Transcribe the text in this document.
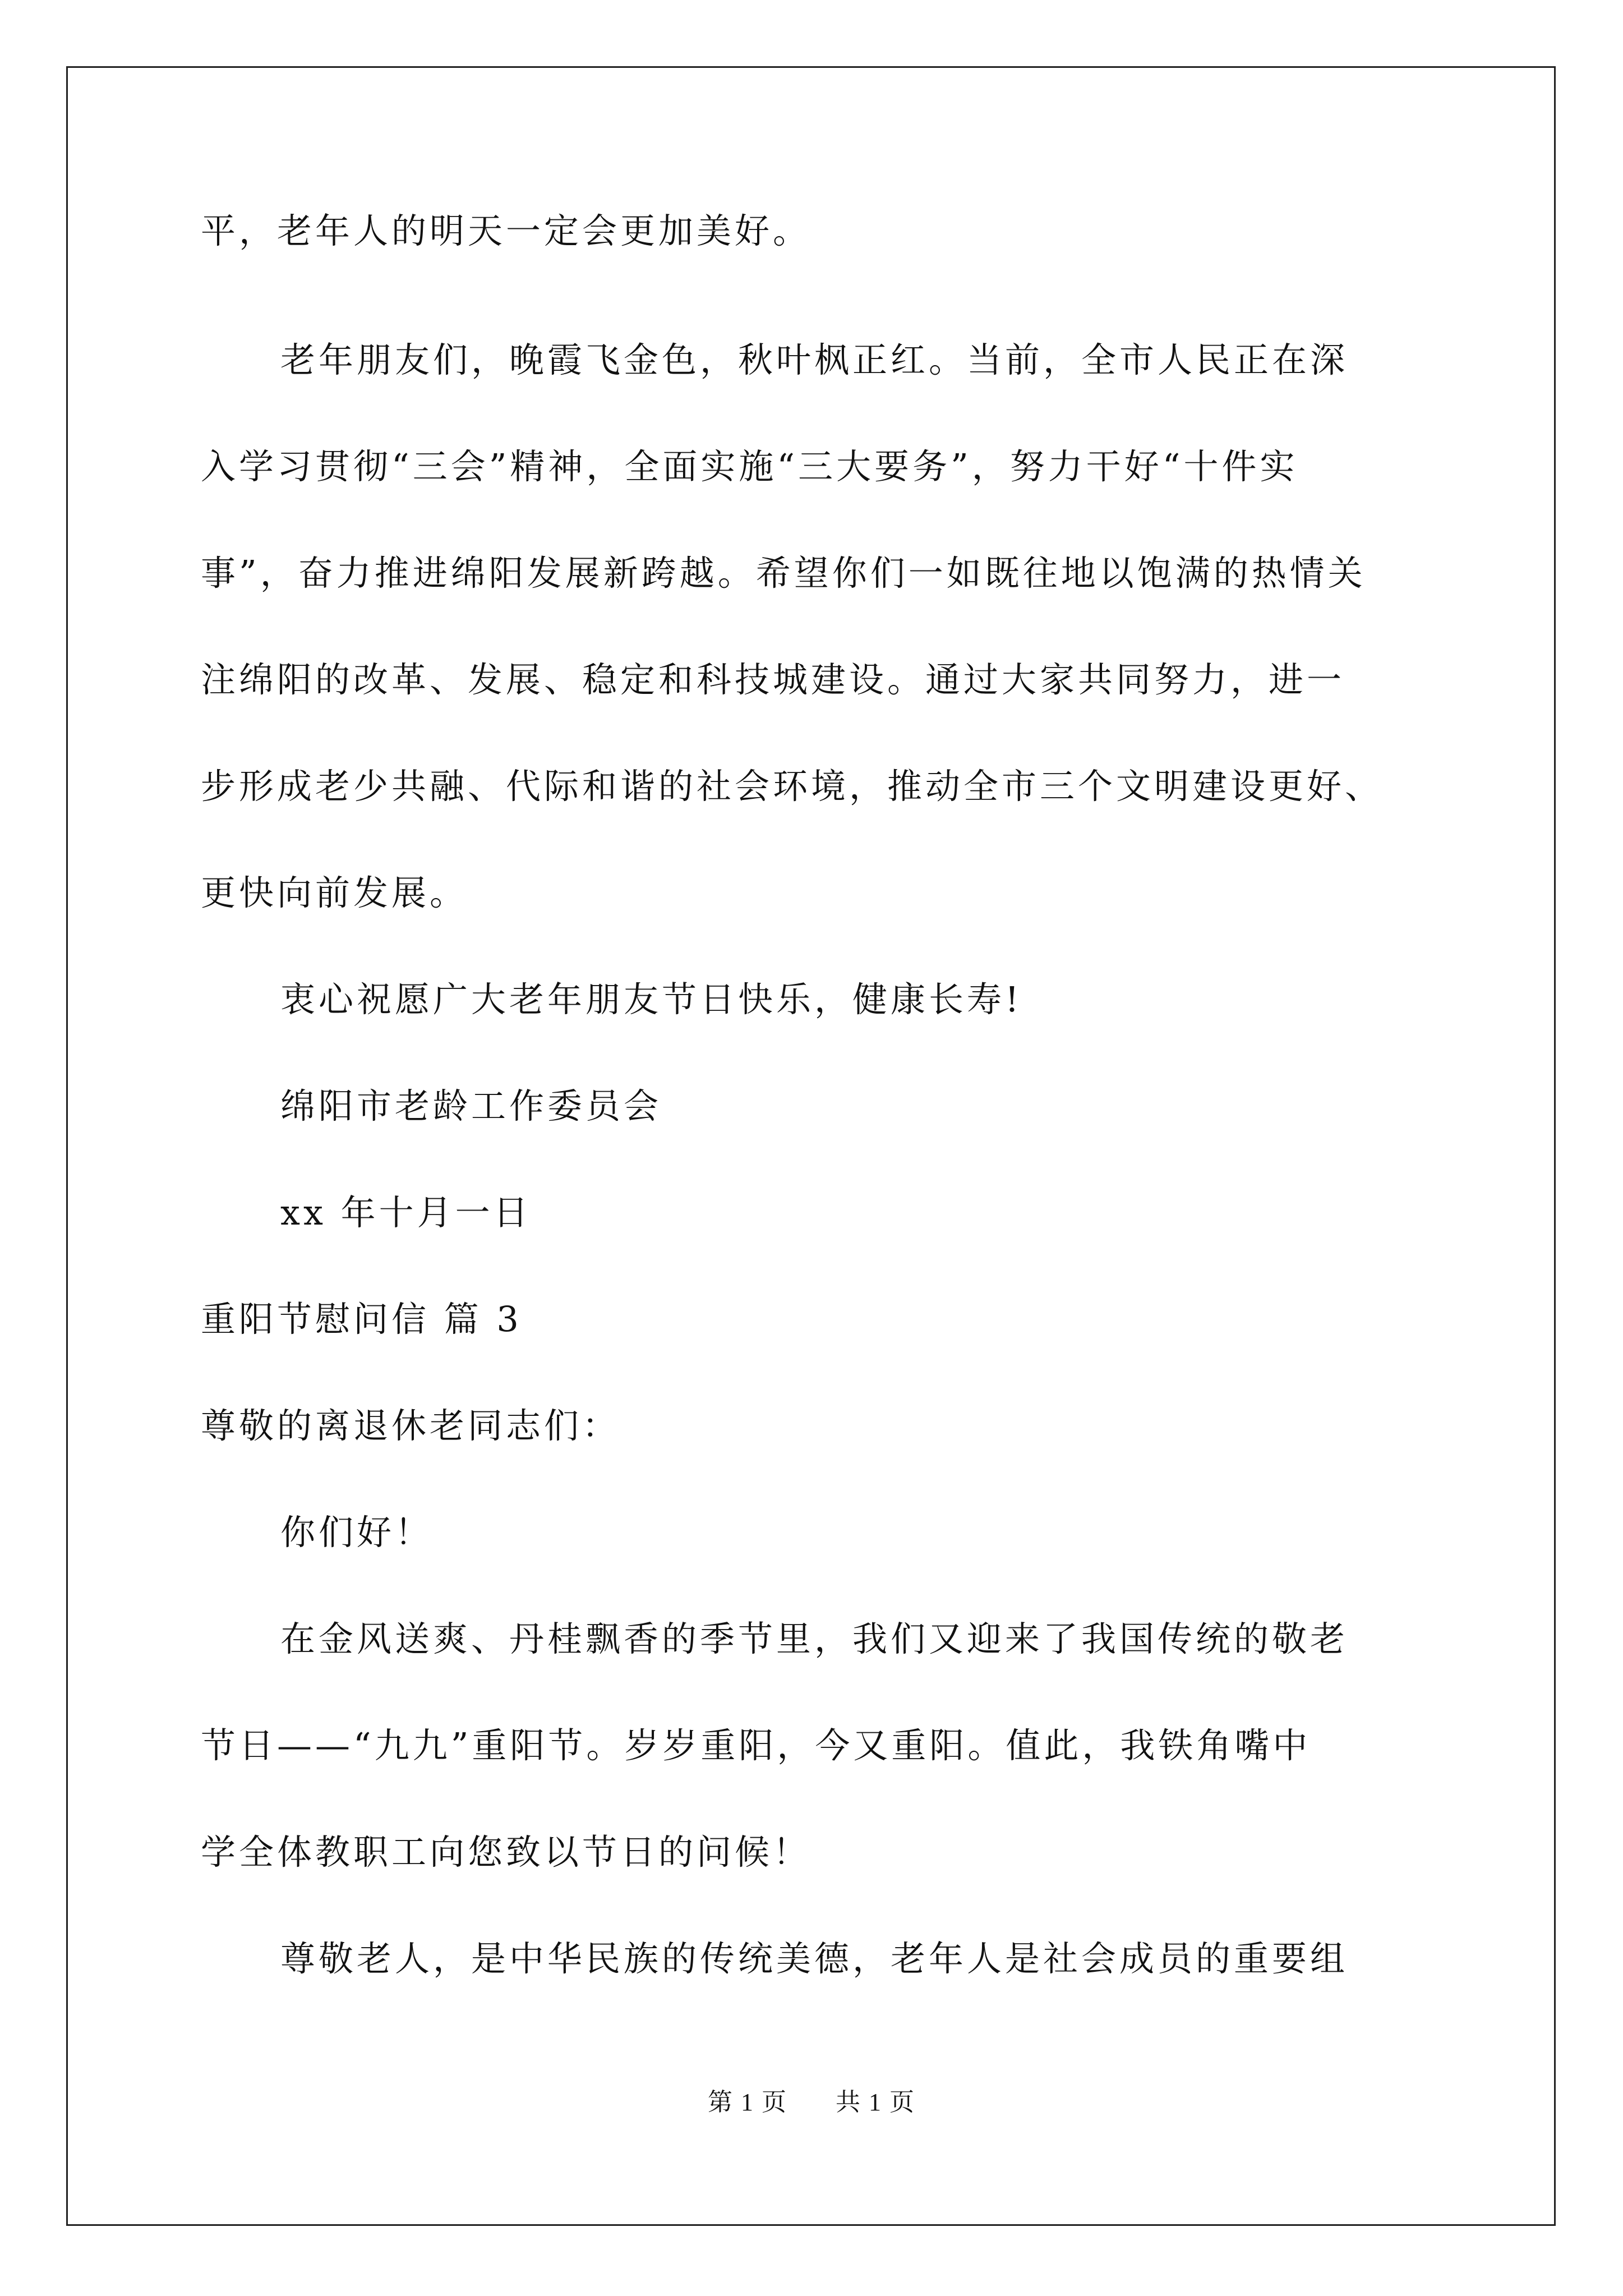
平，老年人的明天一定会更加美好。
老年朋友们，晚霞飞金色，秋叶枫正红。当前，全市人民正在深
入学习贯彻“三会”精神，全面实施“三大要务”，努力干好“十件实
事”，奋力推进绵阳发展新跨越。希望你们一如既往地以饱满的热情关
注绵阳的改革、发展、稳定和科技城建设。通过大家共同努力，进一
步形成老少共融、代际和谐的社会环境，推动全市三个文明建设更好、
更快向前发展。
衷心祝愿广大老年朋友节日快乐，健康长寿!
绵阳市老龄工作委员会
xx 年十月一日
重阳节慰问信 篇 3
尊敬的离退休老同志们：
你们好！
在金风送爽、丹桂飘香的季节里，我们又迎来了我国传统的敬老
节日——“九九”重阳节。岁岁重阳，今又重阳。值此，我铁角嘴中
学全体教职工向您致以节日的问候！
尊敬老人，是中华民族的传统美德，老年人是社会成员的重要组
第 1 页 共 1 页
